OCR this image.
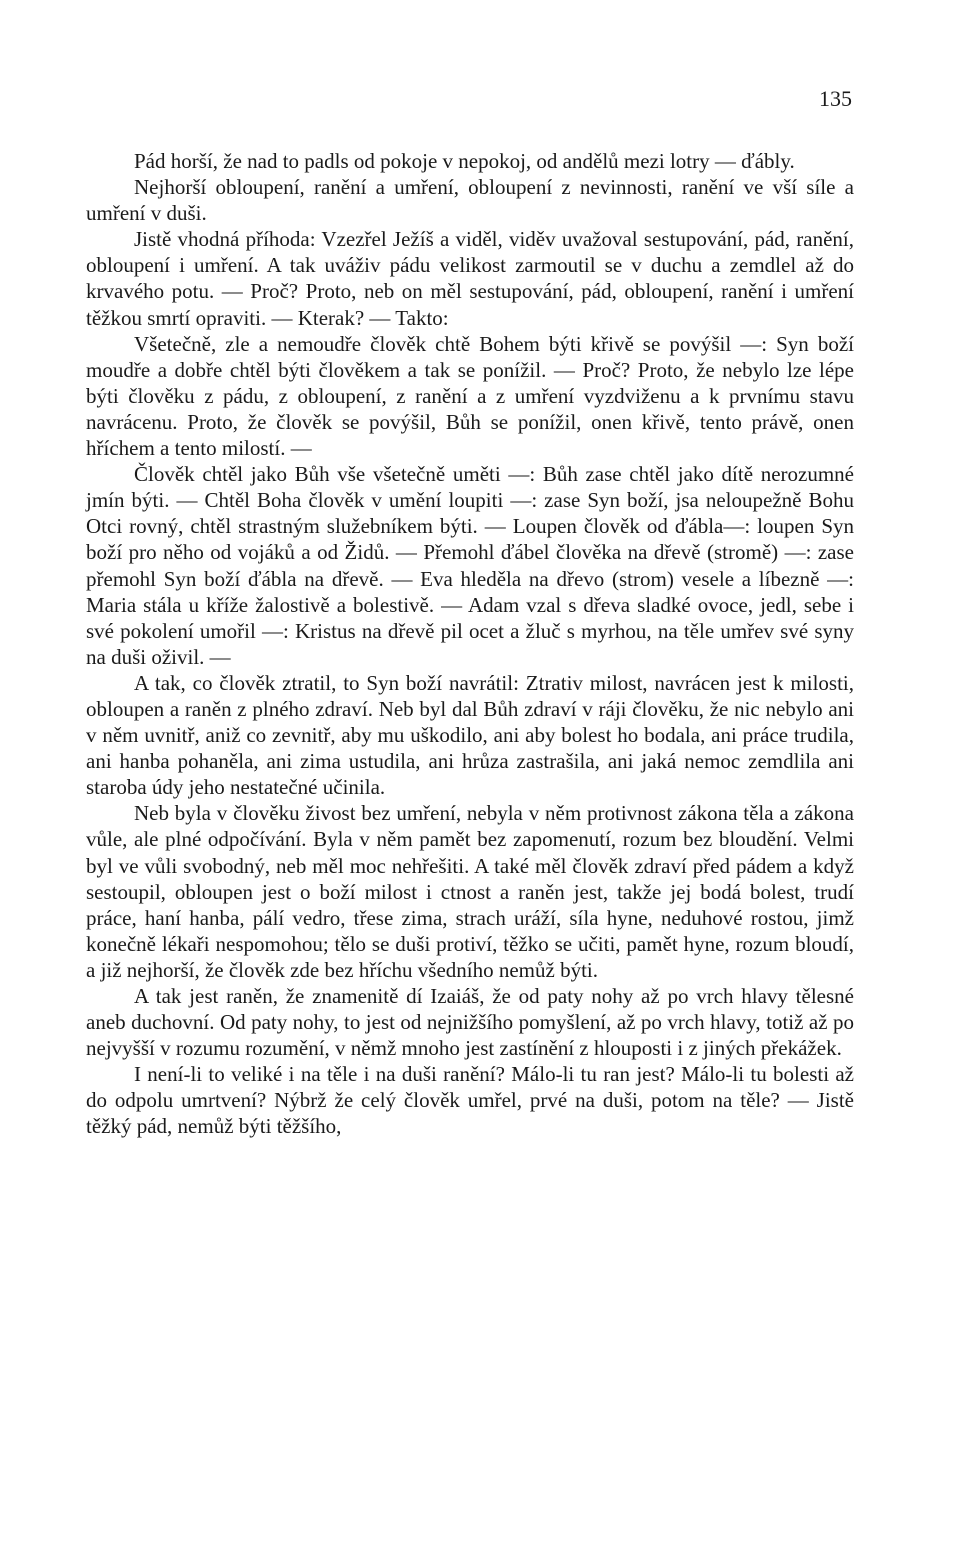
135

Pád horší, že nad to padls od pokoje v nepokoj, od andělů mezi lotry — ďábly.

Nejhorší obloupení, ranění a umření, obloupení z nevinnosti, ranění ve vší síle a umření v duši.

Jistě vhodná příhoda: Vzezřel Ježíš a viděl, viděv uvažoval sestupování, pád, ranění, obloupení i umření. A tak uváživ pádu velikost zarmoutil se v duchu a zemdlel až do krvavého potu. — Proč? Proto, neb on měl sestupování, pád, obloupení, ranění i umření těžkou smrtí opraviti. — Kterak? — Takto:

Všetečně, zle a nemoudře člověk chtě Bohem býti křivě se povýšil —: Syn boží moudře a dobře chtěl býti člověkem a tak se ponížil. — Proč? Proto, že nebylo lze lépe býti člověku z pádu, z obloupení, z ranění a z umření vyzdviženu a k prvnímu stavu navrácenu. Proto, že člověk se povýšil, Bůh se ponížil, onen křivě, tento právě, onen hříchem a tento milostí. —

Člověk chtěl jako Bůh vše všetečně uměti —: Bůh zase chtěl jako dítě nerozumné jmín býti. — Chtěl Boha člověk v umění loupiti —: zase Syn boží, jsa neloupežně Bohu Otci rovný, chtěl strastným služebníkem býti. — Loupen člověk od ďábla—: loupen Syn boží pro něho od vojáků a od Židů. — Přemohl ďábel člověka na dřevě (stromě) —: zase přemohl Syn boží ďábla na dřevě. — Eva hleděla na dřevo (strom) vesele a líbezně —: Maria stála u kříže žalostivě a bolestivě. — Adam vzal s dřeva sladké ovoce, jedl, sebe i své pokolení umořil —: Kristus na dřevě pil ocet a žluč s myrhou, na těle umřev své syny na duši oživil. —

A tak, co člověk ztratil, to Syn boží navrátil: Ztrativ milost, navrácen jest k milosti, obloupen a raněn z plného zdraví. Neb byl dal Bůh zdraví v ráji člověku, že nic nebylo ani v něm uvnitř, aniž co zevnitř, aby mu uškodilo, ani aby bolest ho bodala, ani práce trudila, ani hanba pohaněla, ani zima ustudila, ani hrůza zastrašila, ani jaká nemoc zemdlila ani staroba údy jeho nestatečné učinila.

Neb byla v člověku živost bez umření, nebyla v něm protivnost zákona těla a zákona vůle, ale plné odpočívání. Byla v něm pamět bez zapomenutí, rozum bez bloudění. Velmi byl ve vůli svobodný, neb měl moc nehřešiti. A také měl člověk zdraví před pádem a když sestoupil, obloupen jest o boží milost i ctnost a raněn jest, takže jej bodá bolest, trudí práce, haní hanba, pálí vedro, třese zima, strach uráží, síla hyne, neduhové rostou, jimž konečně lékaři nespomohou; tělo se duši protiví, těžko se učiti, pamět hyne, rozum bloudí, a již nejhorší, že člověk zde bez hříchu všedního nemůž býti.

A tak jest raněn, že znamenitě dí Izaiáš, že od paty nohy až po vrch hlavy tělesné aneb duchovní. Od paty nohy, to jest od nejnižšího pomyšlení, až po vrch hlavy, totiž až po nejvyšší v rozumu rozumění, v němž mnoho jest zastínění z hlouposti i z jiných překážek.

I není-li to veliké i na těle i na duši ranění? Málo-li tu ran jest? Málo-li tu bolesti až do odpolu umrtvení? Nýbrž že celý člověk umřel, prvé na duši, potom na těle? — Jistě těžký pád, nemůž býti těžšího,
